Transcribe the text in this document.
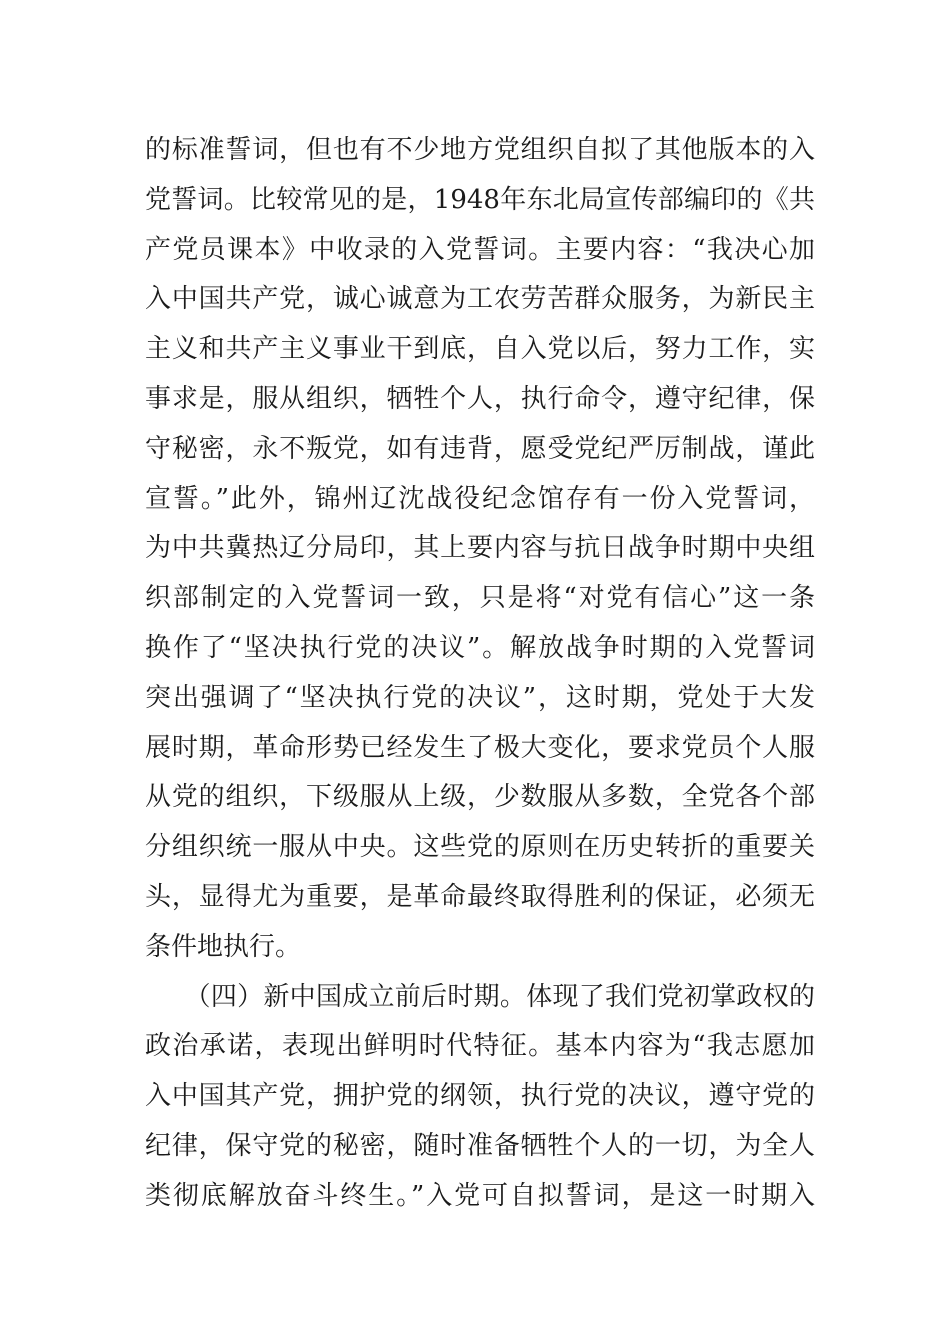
的标准誓词，但也有不少地方党组织自拟了其他版本的入
党誓词。比较常见的是，1948年东北局宣传部编印的《共
产党员课本》中收录的入党誓词。主要内容：“我决心加
入中国共产党，诚心诚意为工农劳苦群众服务，为新民主
主义和共产主义事业干到底，自入党以后，努力工作，实
事求是，服从组织，牺牲个人，执行命令，遵守纪律，保
守秘密，永不叛党，如有违背，愿受党纪严厉制战，谨此
宣誓。”此外，锦州辽沈战役纪念馆存有一份入党誓词，
为中共冀热辽分局印，其上要内容与抗日战争时期中央组
织部制定的入党誓词一致，只是将“对党有信心”这一条
换作了“坚决执行党的决议”。解放战争时期的入党誓词
突出强调了“坚决执行党的决议”，这时期，党处于大发
展时期，革命形势已经发生了极大变化，要求党员个人服
从党的组织，下级服从上级，少数服从多数，全党各个部
分组织统一服从中央。这些党的原则在历史转折的重要关
头，显得尤为重要，是革命最终取得胜利的保证，必须无
条件地执行。
　　（四）新中国成立前后时期。体现了我们党初掌政权的
政治承诺，表现出鲜明时代特征。基本内容为“我志愿加
入中国其产党，拥护党的纲领，执行党的决议，遵守党的
纪律，保守党的秘密，随时准备牺牲个人的一切，为全人
类彻底解放奋斗终生。”入党可自拟誓词，是这一时期入
